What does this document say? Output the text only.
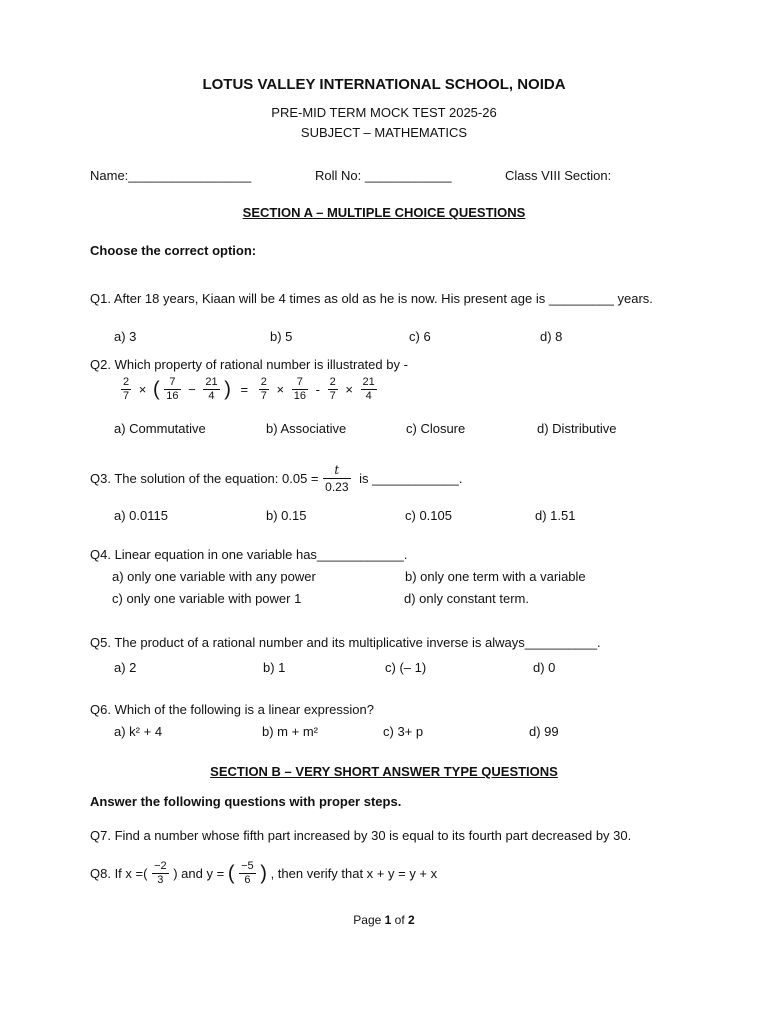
LOTUS VALLEY INTERNATIONAL SCHOOL, NOIDA
PRE-MID TERM MOCK TEST 2025-26
SUBJECT – MATHEMATICS
Name:_________________	Roll No: ____________	Class VIII Section:
SECTION A – MULTIPLE CHOICE QUESTIONS
Choose the correct option:
Q1. After 18 years, Kiaan will be 4 times as old as he is now. His present age is _________ years.
a) 3	b) 5	c) 6	d) 8
Q2. Which property of rational number is illustrated by -
$\frac{2}{7}$ × ( $\frac{7}{16} - \frac{21}{4}$ ) = $\frac{2}{7} \times \frac{7}{16} - \frac{2}{7} \times \frac{21}{4}$
a) Commutative	b) Associative	c) Closure	d) Distributive
Q3. The solution of the equation: $0.05 = \frac{t}{0.23}$ is ____________.
a) 0.0115	b) 0.15	c) 0.105	d) 1.51
Q4. Linear equation in one variable has____________.
a) only one variable with any power	b) only one term with a variable
c) only one variable with power 1	d) only constant term.
Q5. The product of a rational number and its multiplicative inverse is always__________.
a) 2	b) 1	c) (– 1)	d) 0
Q6. Which of the following is a linear expression?
a) k² + 4	b) m + m²	c) 3+ p	d) 99
SECTION B – VERY SHORT ANSWER TYPE QUESTIONS
Answer the following questions with proper steps.
Q7. Find a number whose fifth part increased by 30 is equal to its fourth part decreased by 30.
Q8. If x =( $\frac{-2}{3}$ ) and y = ( $\frac{-5}{6}$ ) , then verify that x + y = y + x
Page 1 of 2
